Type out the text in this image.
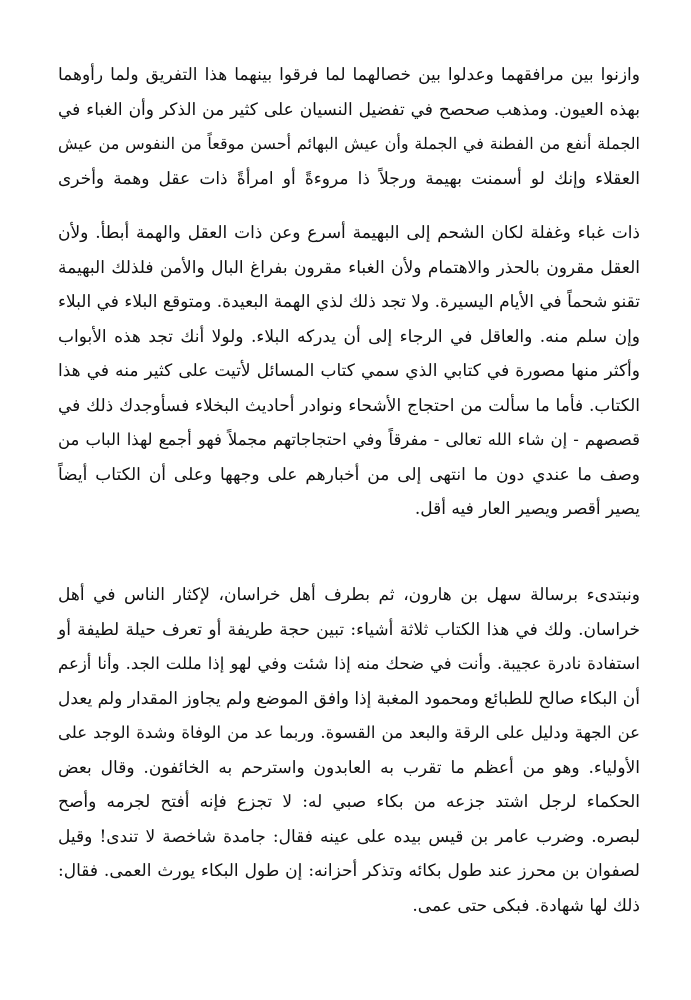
وازنوا بين مرافقهما وعدلوا بين خصالهما لما فرقوا بينهما هذا التفريق ولما رأوهما
بهذه العيون. ومذهب صحصح في تفضيل النسيان على كثير من الذكر وأن الغباء في
الجملة أنفع من الفطنة في الجملة وأن عيش البهائم أحسن موقعاً من النفوس من عيش
العقلاء وإنك لو أسمنت بهيمة ورجلاً ذا مروءةً أو امرأةً ذات عقل وهمة وأخرى
ذات غباء وغفلة لكان الشحم إلى البهيمة أسرع وعن ذات العقل والهمة أبطأ. ولأن
العقل مقرون بالحذر والاهتمام ولأن الغباء مقرون بفراغ البال والأمن فلذلك البهيمة
تقنو شحماً في الأيام اليسيرة. ولا تجد ذلك لذي الهمة البعيدة. ومتوقع البلاء في البلاء
وإن سلم منه. والعاقل في الرجاء إلى أن يدركه البلاء. ولولا أنك تجد هذه الأبواب
وأكثر منها مصورة في كتابي الذي سمي كتاب المسائل لأتيت على كثير منه في هذا
الكتاب. فأما ما سألت من احتجاج الأشحاء ونوادر أحاديث البخلاء فسأوجدك ذلك في
قصصهم - إن شاء الله تعالى - مفرقاً وفي احتجاجاتهم مجملاً فهو أجمع لهذا الباب من
وصف ما عندي دون ما انتهى إلى من أخبارهم على وجهها وعلى أن الكتاب أيضاً
يصير أقصر ويصير العار فيه أقل.
ونبتدىء برسالة سهل بن هارون، ثم بطرف أهل خراسان، لإكثار الناس في أهل
خراسان. ولك في هذا الكتاب ثلاثة أشياء: تبين حجة طريفة أو تعرف حيلة لطيفة أو
استفادة نادرة عجيبة. وأنت في ضحك منه إذا شئت وفي لهو إذا مللت الجد. وأنا أزعم
أن البكاء صالح للطبائع ومحمود المغبة إذا وافق الموضع ولم يجاوز المقدار ولم يعدل
عن الجهة ودليل على الرقة والبعد من القسوة. وربما عد من الوفاة وشدة الوجد على
الأولياء. وهو من أعظم ما تقرب به العابدون واسترحم به الخائفون. وقال بعض
الحكماء لرجل اشتد جزعه من بكاء صبي له: لا تجزع فإنه أفتح لجرمه وأصح
لبصره. وضرب عامر بن قيس بيده على عينه فقال: جامدة شاخصة لا تندى! وقيل
لصفوان بن محرز عند طول بكائه وتذكر أحزانه: إن طول البكاء يورث العمى. فقال:
ذلك لها شهادة. فبكى حتى عمى.
